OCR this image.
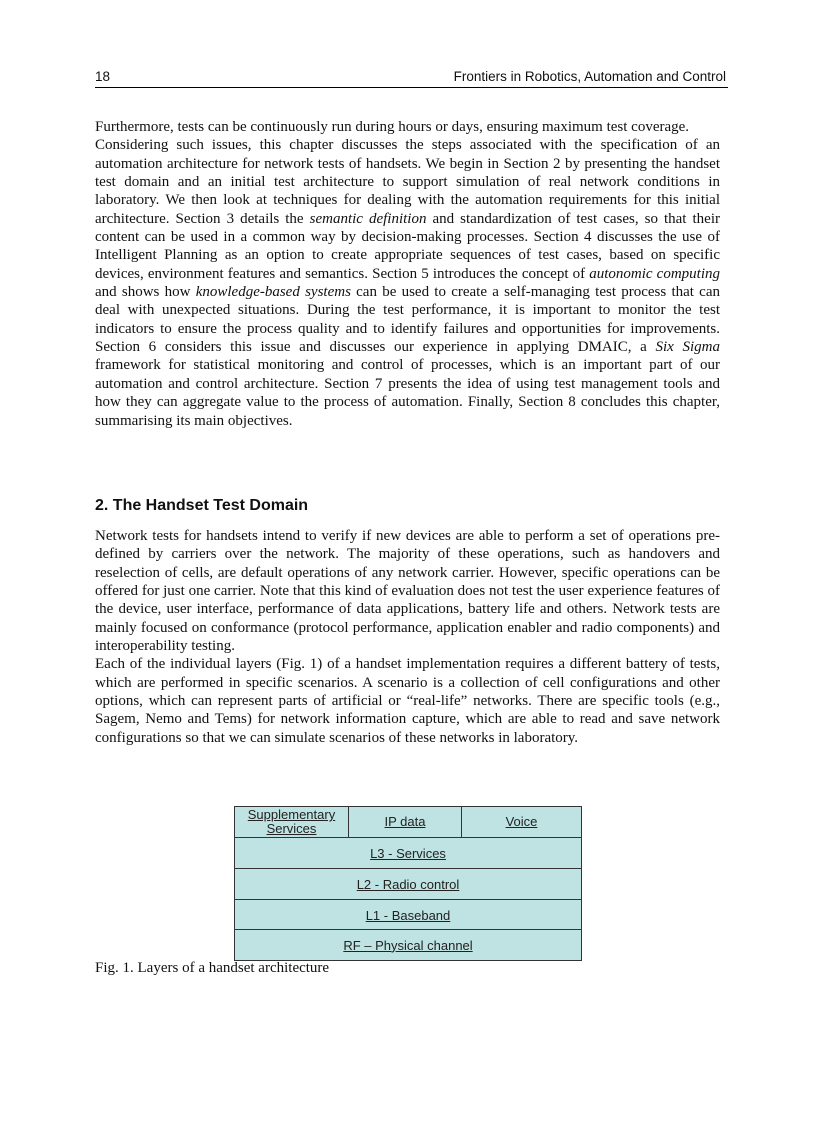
18	Frontiers in Robotics, Automation and Control

Furthermore, tests can be continuously run during hours or days, ensuring maximum test coverage.

Considering such issues, this chapter discusses the steps associated with the specification of an automation architecture for network tests of handsets. We begin in Section 2 by presenting the handset test domain and an initial test architecture to support simulation of real network conditions in laboratory. We then look at techniques for dealing with the automation requirements for this initial architecture. Section 3 details the semantic definition and standardization of test cases, so that their content can be used in a common way by decision-making processes. Section 4 discusses the use of Intelligent Planning as an option to create appropriate sequences of test cases, based on specific devices, environment features and semantics. Section 5 introduces the concept of autonomic computing and shows how knowledge-based systems can be used to create a self-managing test process that can deal with unexpected situations. During the test performance, it is important to monitor the test indicators to ensure the process quality and to identify failures and opportunities for improvements. Section 6 considers this issue and discusses our experience in applying DMAIC, a Six Sigma framework for statistical monitoring and control of processes, which is an important part of our automation and control architecture. Section 7 presents the idea of using test management tools and how they can aggregate value to the process of automation. Finally, Section 8 concludes this chapter, summarising its main objectives.

2. The Handset Test Domain

Network tests for handsets intend to verify if new devices are able to perform a set of operations pre-defined by carriers over the network. The majority of these operations, such as handovers and reselection of cells, are default operations of any network carrier. However, specific operations can be offered for just one carrier. Note that this kind of evaluation does not test the user experience features of the device, user interface, performance of data applications, battery life and others. Network tests are mainly focused on conformance (protocol performance, application enabler and radio components) and interoperability testing.

Each of the individual layers (Fig. 1) of a handset implementation requires a different battery of tests, which are performed in specific scenarios. A scenario is a collection of cell configurations and other options, which can represent parts of artificial or “real-life” networks. There are specific tools (e.g., Sagem, Nemo and Tems) for network information capture, which are able to read and save network configurations so that we can simulate scenarios of these networks in laboratory.

Supplementary Services	IP data	Voice
L3 - Services
L2 - Radio control
L1 - Baseband
RF – Physical channel
Fig. 1. Layers of a handset architecture
